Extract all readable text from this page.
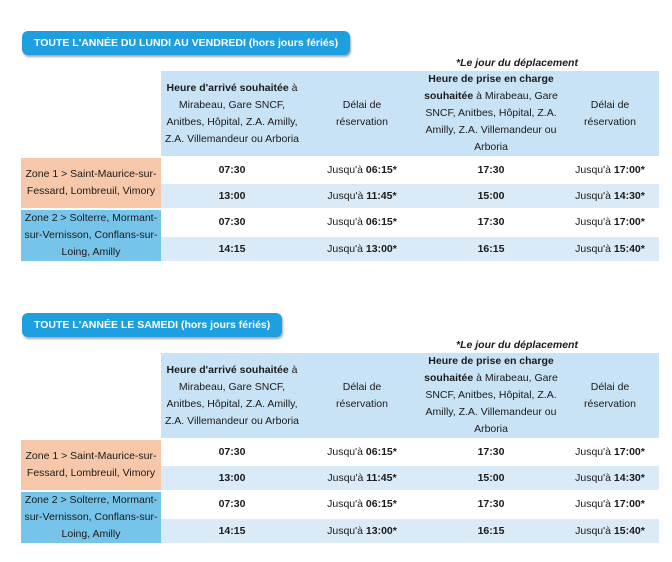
TOUTE L'ANNÉE DU LUNDI AU VENDREDI (hors jours fériés)
*Le jour du déplacement
	Heure d'arrivé souhaitée à Mirabeau, Gare SNCF, Anitbes, Hôpital, Z.A. Amilly, Z.A. Villemandeur ou Arboria	Délai de réservation	Heure de prise en charge souhaitée à Mirabeau, Gare SNCF, Anitbes, Hôpital, Z.A. Amilly, Z.A. Villemandeur ou Arboria	Délai de réservation

Zone 1 > Saint-Maurice-sur-Fessard, Lombreuil, Vimory	07:30	Jusqu'à 06:15*	17:30	Jusqu'à 17:00*
	13:00	Jusqu'à 11:45*	15:00	Jusqu'à 14:30*
Zone 2 > Solterre, Mormant-sur-Vernisson, Conflans-sur-Loing, Amilly	07:30	Jusqu'à 06:15*	17:30	Jusqu'à 17:00*
	14:15	Jusqu'à 13:00*	16:15	Jusqu'à 15:40*
TOUTE L'ANNÉE LE SAMEDI (hors jours fériés)
*Le jour du déplacement
	Heure d'arrivé souhaitée à Mirabeau, Gare SNCF, Anitbes, Hôpital, Z.A. Amilly, Z.A. Villemandeur ou Arboria	Délai de réservation	Heure de prise en charge souhaitée à Mirabeau, Gare SNCF, Anitbes, Hôpital, Z.A. Amilly, Z.A. Villemandeur ou Arboria	Délai de réservation

Zone 1 > Saint-Maurice-sur-Fessard, Lombreuil, Vimory	07:30	Jusqu'à 06:15*	17:30	Jusqu'à 17:00*
	13:00	Jusqu'à 11:45*	15:00	Jusqu'à 14:30*
Zone 2 > Solterre, Mormant-sur-Vernisson, Conflans-sur-Loing, Amilly	07:30	Jusqu'à 06:15*	17:30	Jusqu'à 17:00*
	14:15	Jusqu'à 13:00*	16:15	Jusqu'à 15:40*
